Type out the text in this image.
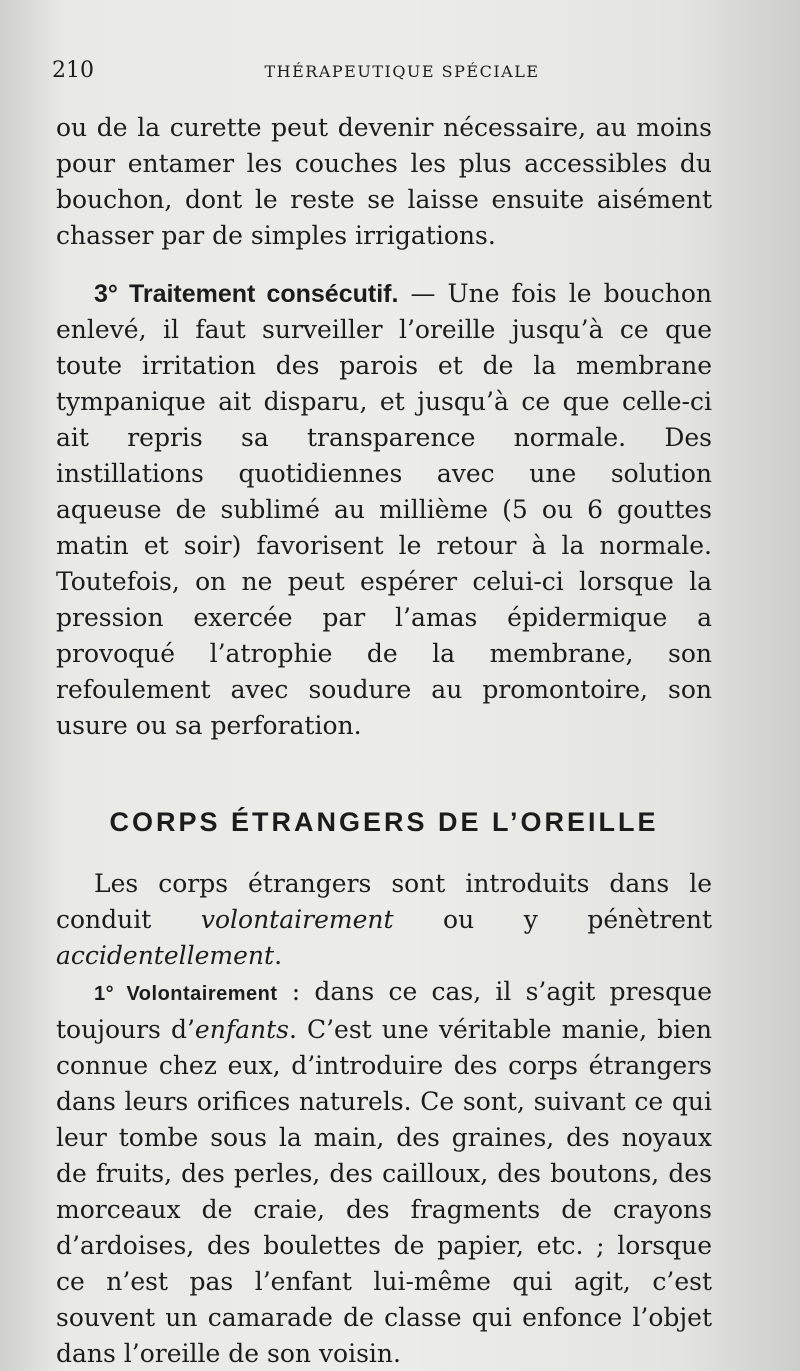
210	THÉRAPEUTIQUE SPÉCIALE

ou de la curette peut devenir nécessaire, au moins pour entamer les couches les plus accessibles du bouchon, dont le reste se laisse ensuite aisément chasser par de simples irrigations.

3° Traitement consécutif. — Une fois le bouchon enlevé, il faut surveiller l’oreille jusqu’à ce que toute irritation des parois et de la membrane tympanique ait disparu, et jusqu’à ce que celle-ci ait repris sa transparence normale. Des instillations quotidiennes avec une solution aqueuse de sublimé au millième (5 ou 6 gouttes matin et soir) favorisent le retour à la normale. Toutefois, on ne peut espérer celui-ci lorsque la pression exercée par l’amas épidermique a provoqué l’atrophie de la membrane, son refoulement avec soudure au promontoire, son usure ou sa perforation.

CORPS ÉTRANGERS DE L’OREILLE

Les corps étrangers sont introduits dans le conduit volontairement ou y pénètrent accidentellement.

1° Volontairement : dans ce cas, il s’agit presque toujours d’enfants. C’est une véritable manie, bien connue chez eux, d’introduire des corps étrangers dans leurs orifices naturels. Ce sont, suivant ce qui leur tombe sous la main, des graines, des noyaux de fruits, des perles, des cailloux, des boutons, des morceaux de craie, des fragments de crayons d’ardoises, des boulettes de papier, etc. ; lorsque ce n’est pas l’enfant lui-même qui agit, c’est souvent un camarade de classe qui enfonce l’objet dans l’oreille de son voisin.
